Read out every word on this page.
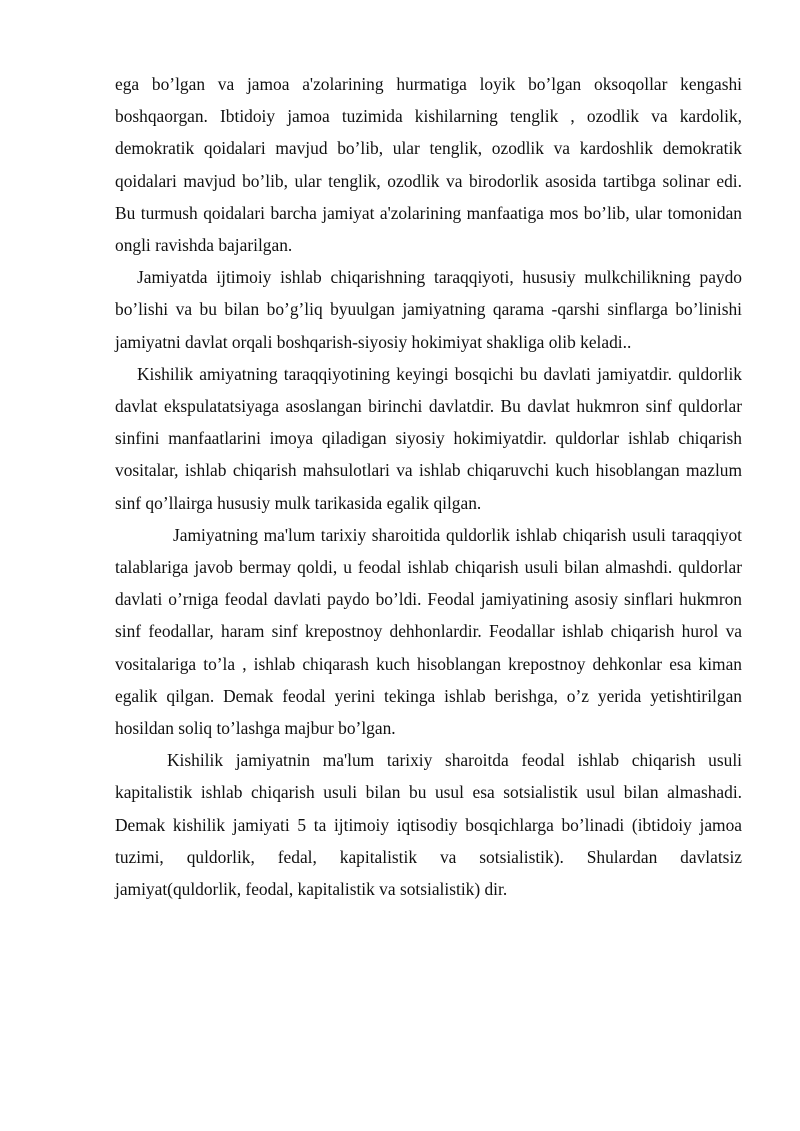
ega bo’lgan va jamoa a'zolarining hurmatiga loyik bo’lgan oksoqollar kengashi boshqaorgan. Ibtidoiy jamoa tuzimida kishilarning tenglik , ozodlik va kardolik, demokratik qoidalari mavjud bo’lib, ular tenglik, ozodlik va kardoshlik demokratik qoidalari mavjud bo’lib, ular tenglik, ozodlik va birodorlik asosida tartibga solinar edi. Bu turmush qoidalari barcha jamiyat a'zolarining manfaatiga mos bo’lib, ular tomonidan ongli ravishda bajarilgan.

Jamiyatda ijtimoiy ishlab chiqarishning taraqqiyoti, hususiy mulkchilikning paydo bo’lishi va bu bilan bo’g’liq byuulgan jamiyatning qarama -qarshi sinflarga bo’linishi jamiyatni davlat orqali boshqarish-siyosiy hokimiyat shakliga olib keladi..

Kishilik amiyatning taraqqiyotining keyingi bosqichi bu davlati jamiyatdir. quldorlik davlat ekspulatatsiyaga asoslangan birinchi davlatdir. Bu davlat hukmron sinf quldorlar sinfini manfaatlarini imoya qiladigan siyosiy hokimiyatdir. quldorlar ishlab chiqarish vositalar, ishlab chiqarish mahsulotlari va ishlab chiqaruvchi kuch hisoblangan mazlum sinf qo’llairga hususiy mulk tarikasida egalik qilgan.

Jamiyatning ma'lum tarixiy sharoitida quldorlik ishlab chiqarish usuli taraqqiyot talablariga javob bermay qoldi, u feodal ishlab chiqarish usuli bilan almashdi. quldorlar davlati o’rniga feodal davlati paydo bo’ldi. Feodal jamiyatining asosiy sinflari hukmron sinf feodallar, haram sinf krepostnoy dehhonlardir. Feodallar ishlab chiqarish hurol va vositalariga to’la , ishlab chiqarash kuch hisoblangan krepostnoy dehkonlar esa kiman egalik qilgan. Demak feodal yerini tekinga ishlab berishga, o’z yerida yetishtirilgan hosildan soliq to’lashga majbur bo’lgan.

Kishilik jamiyatnin ma'lum tarixiy sharoitda feodal ishlab chiqarish usuli kapitalistik ishlab chiqarish usuli bilan bu usul esa sotsialistik usul bilan almashadi. Demak kishilik jamiyati 5 ta ijtimoiy iqtisodiy bosqichlarga bo’linadi (ibtidoiy jamoa tuzimi, quldorlik, fedal, kapitalistik va sotsialistik). Shulardan davlatsiz jamiyat(quldorlik, feodal, kapitalistik va sotsialistik) dir.
